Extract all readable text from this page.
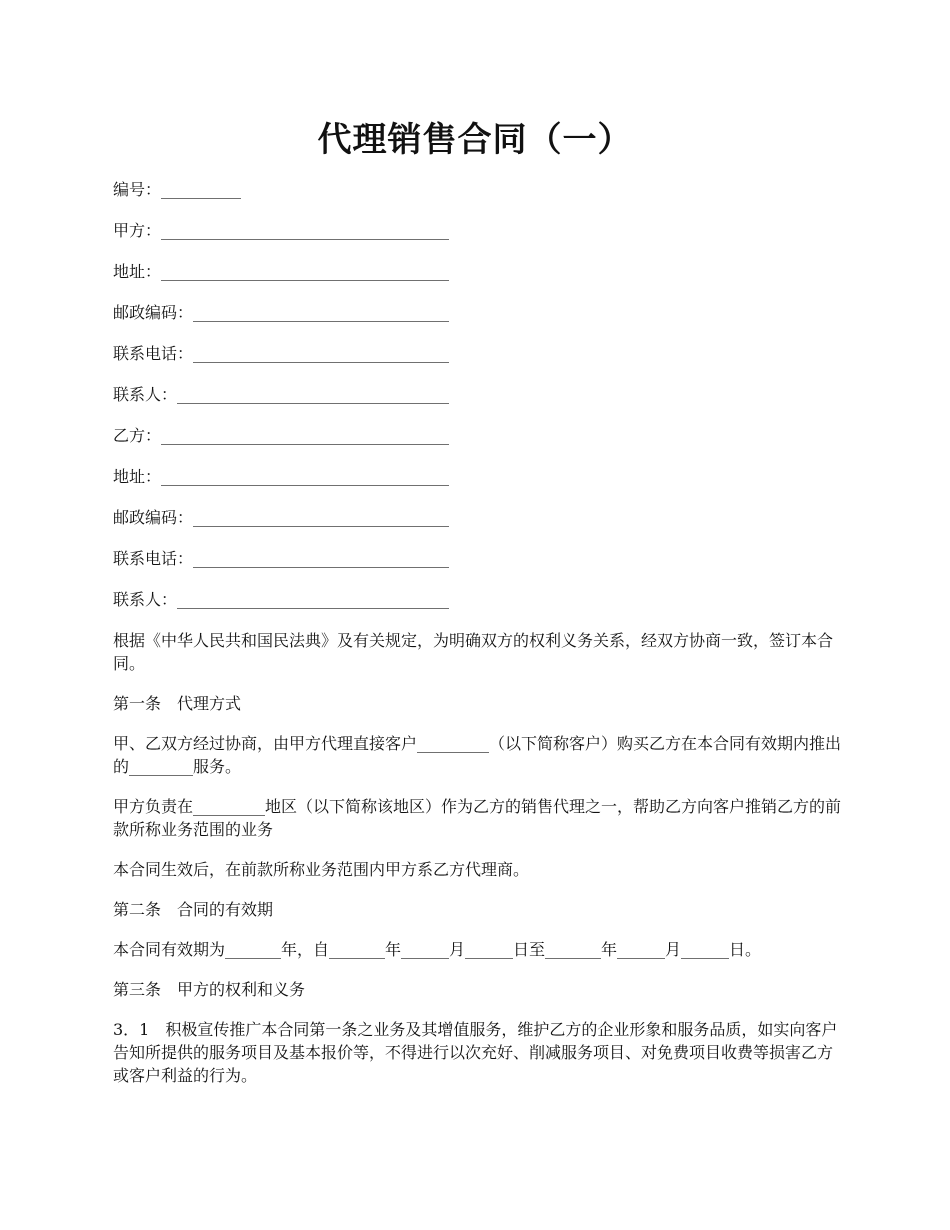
代理销售合同（一）
编号：__________
甲方：____________________________________
地址：____________________________________
邮政编码：________________________________
联系电话：________________________________
联系人：__________________________________
乙方：____________________________________
地址：____________________________________
邮政编码：________________________________
联系电话：________________________________
联系人：__________________________________

根据《中华人民共和国民法典》及有关规定，为明确双方的权利义务关系，经双方协商一致，签订本合同。

第一条　代理方式

甲、乙双方经过协商，由甲方代理直接客户_________（以下简称客户）购买乙方在本合同有效期内推出的________服务。

甲方负责在_________地区（以下简称该地区）作为乙方的销售代理之一，帮助乙方向客户推销乙方的前款所称业务范围的业务

本合同生效后，在前款所称业务范围内甲方系乙方代理商。

第二条　合同的有效期

本合同有效期为_______年，自_______年______月______日至_______年______月______日。

第三条　甲方的权利和义务

3．1　积极宣传推广本合同第一条之业务及其增值服务，维护乙方的企业形象和服务品质，如实向客户告知所提供的服务项目及基本报价等，不得进行以次充好、削减服务项目、对免费项目收费等损害乙方或客户利益的行为。
